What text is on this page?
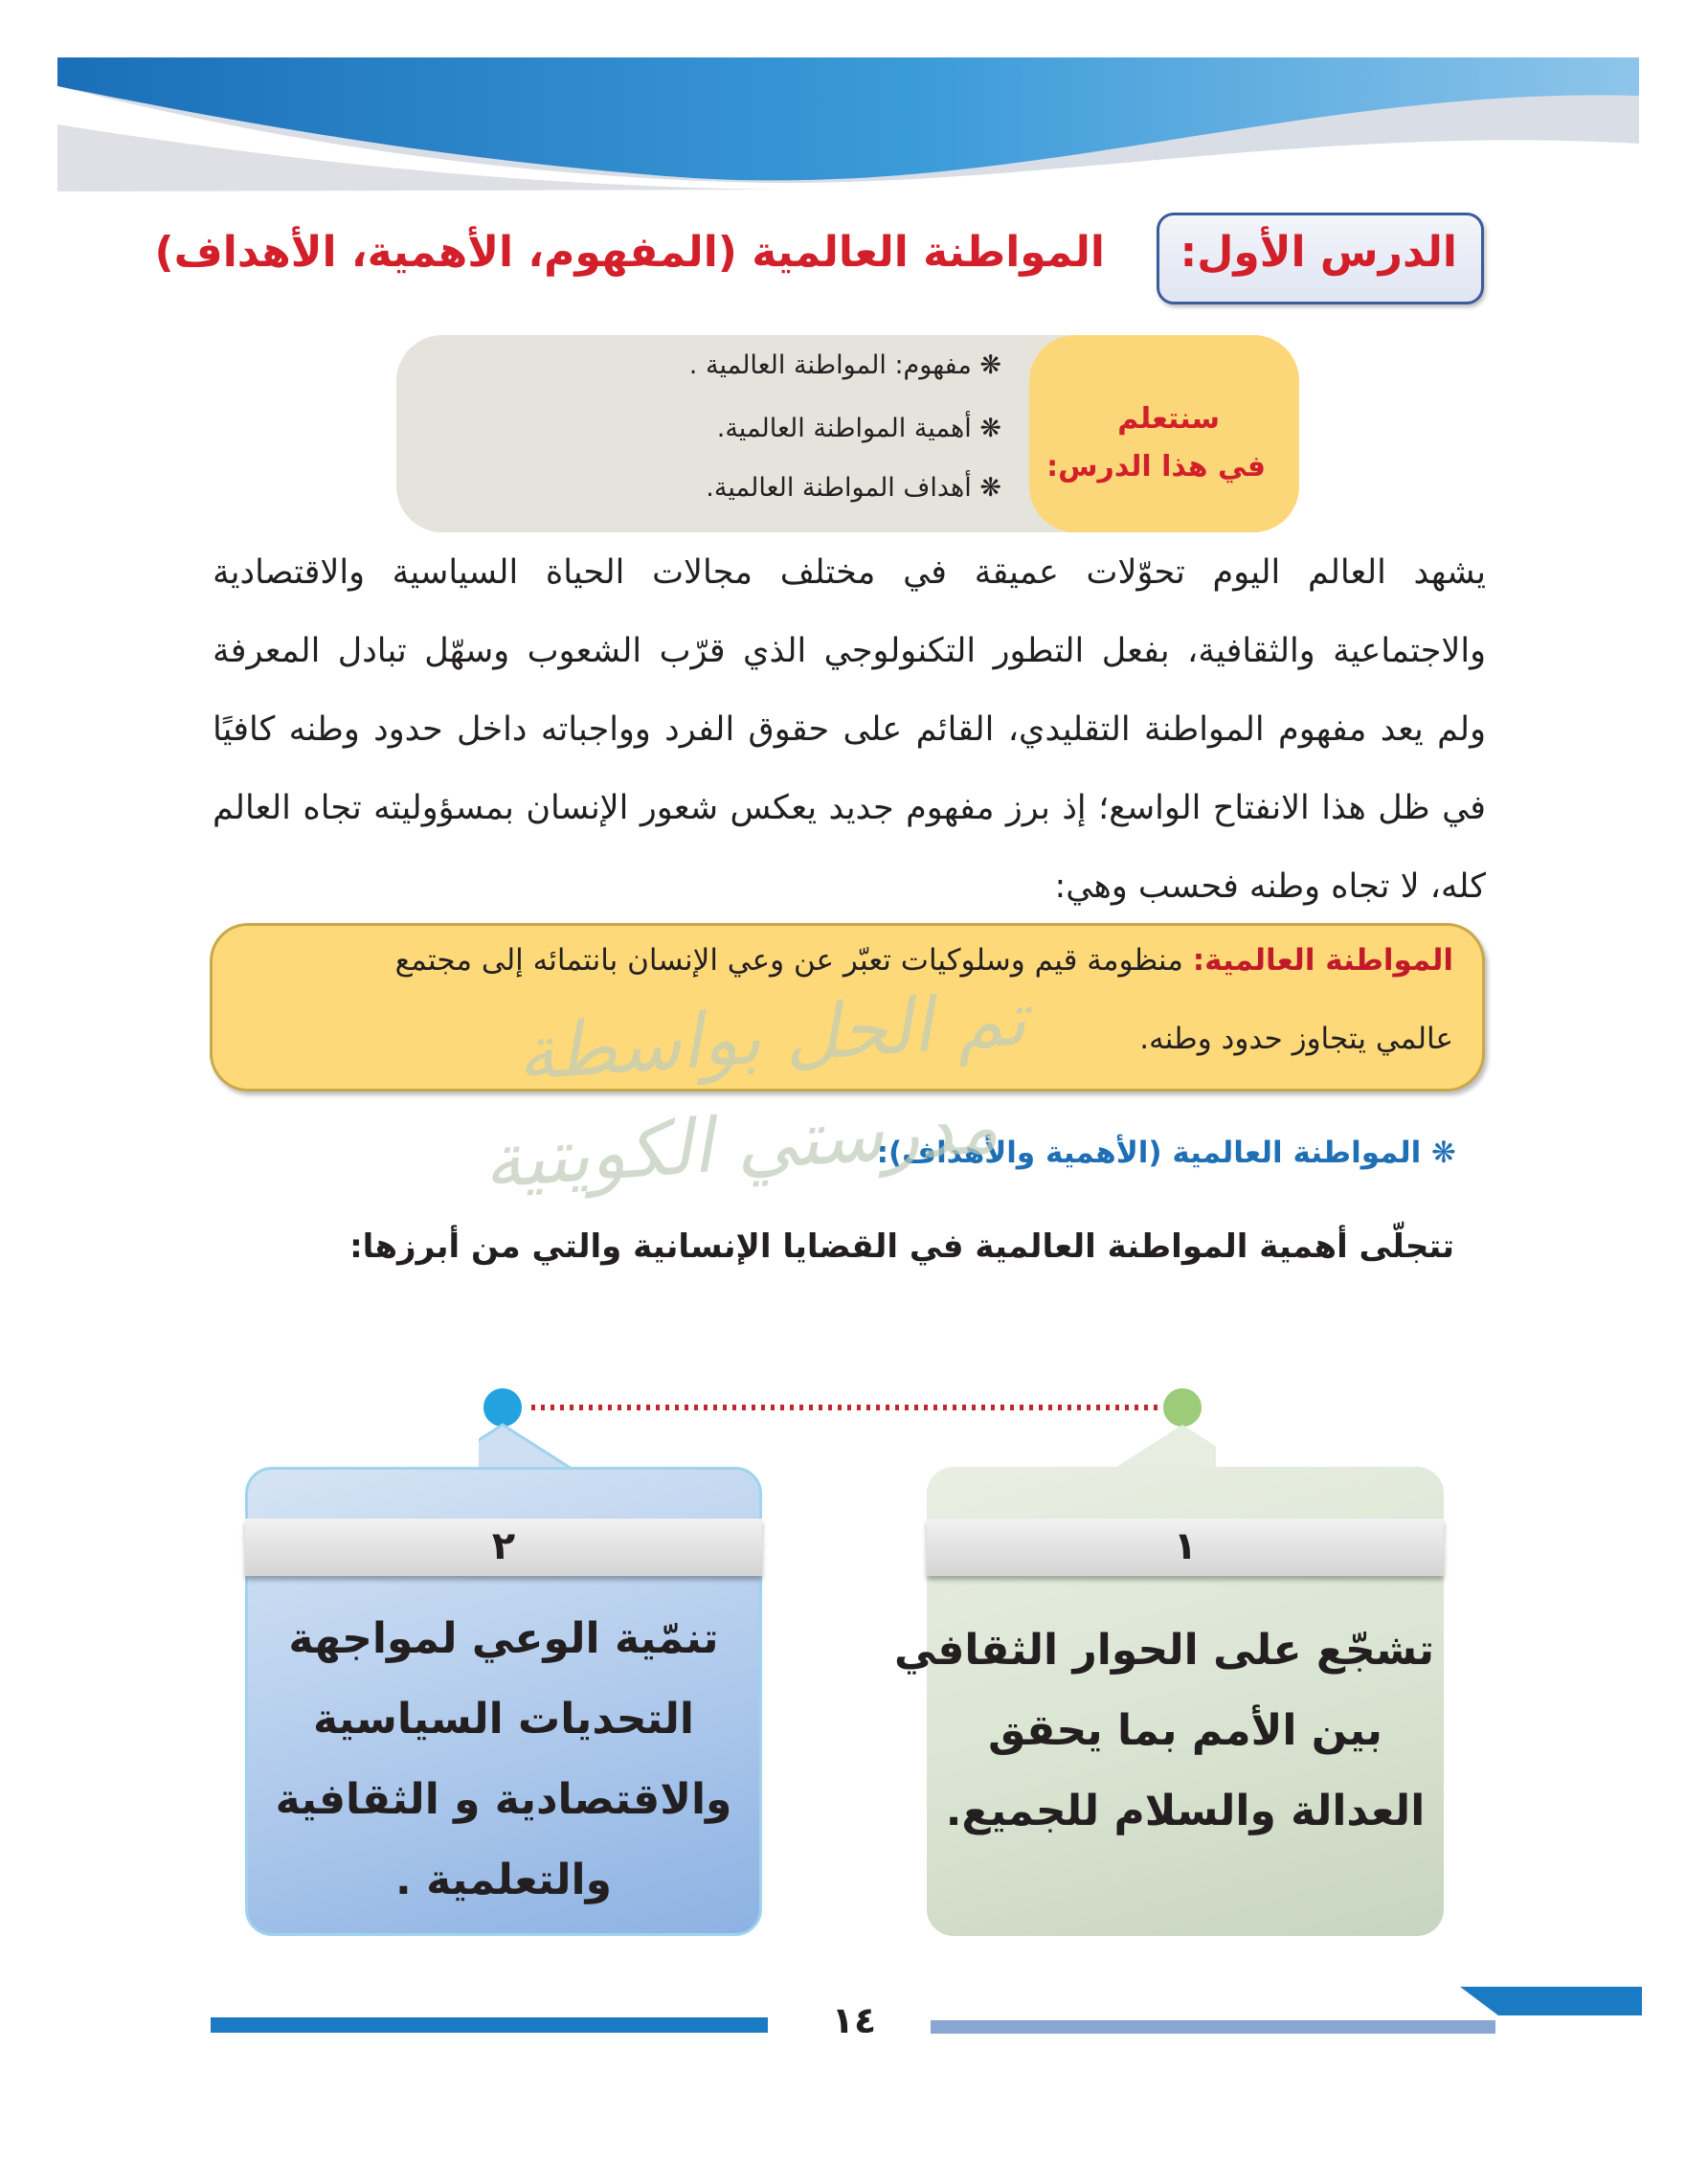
الدرس الأول:
المواطنة العالمية (المفهوم، الأهمية، الأهداف)
سنتعلم
في هذا الدرس:
❋ مفهوم: المواطنة العالمية .
❋ أهمية المواطنة العالمية.
❋ أهداف المواطنة العالمية.
يشهد العالم اليوم تحوّلات عميقة في مختلف مجالات الحياة السياسية والاقتصادية
والاجتماعية والثقافية، بفعل التطور التكنولوجي الذي قرّب الشعوب وسهّل تبادل المعرفة
ولم يعد مفهوم المواطنة التقليدي، القائم على حقوق الفرد وواجباته داخل حدود وطنه كافيًا
في ظل هذا الانفتاح الواسع؛ إذ برز مفهوم جديد يعكس شعور الإنسان بمسؤوليته تجاه العالم
كله، لا تجاه وطنه فحسب وهي:
المواطنة العالمية: منظومة قيم وسلوكيات تعبّر عن وعي الإنسان بانتمائه إلى مجتمع
عالمي يتجاوز حدود وطنه.
❋ المواطنة العالمية (الأهمية والأهداف):
تتجلّى أهمية المواطنة العالمية في القضايا الإنسانية والتي من أبرزها:
تم الحل بواسطة
مدرستي الكويتية
٢
تنمّية الوعي لمواجهة
التحديات السياسية
والاقتصادية و الثقافية
والتعلمية .
١
تشجّع على الحوار الثقافي
بين الأمم بما يحقق
العدالة والسلام للجميع.
١٤
